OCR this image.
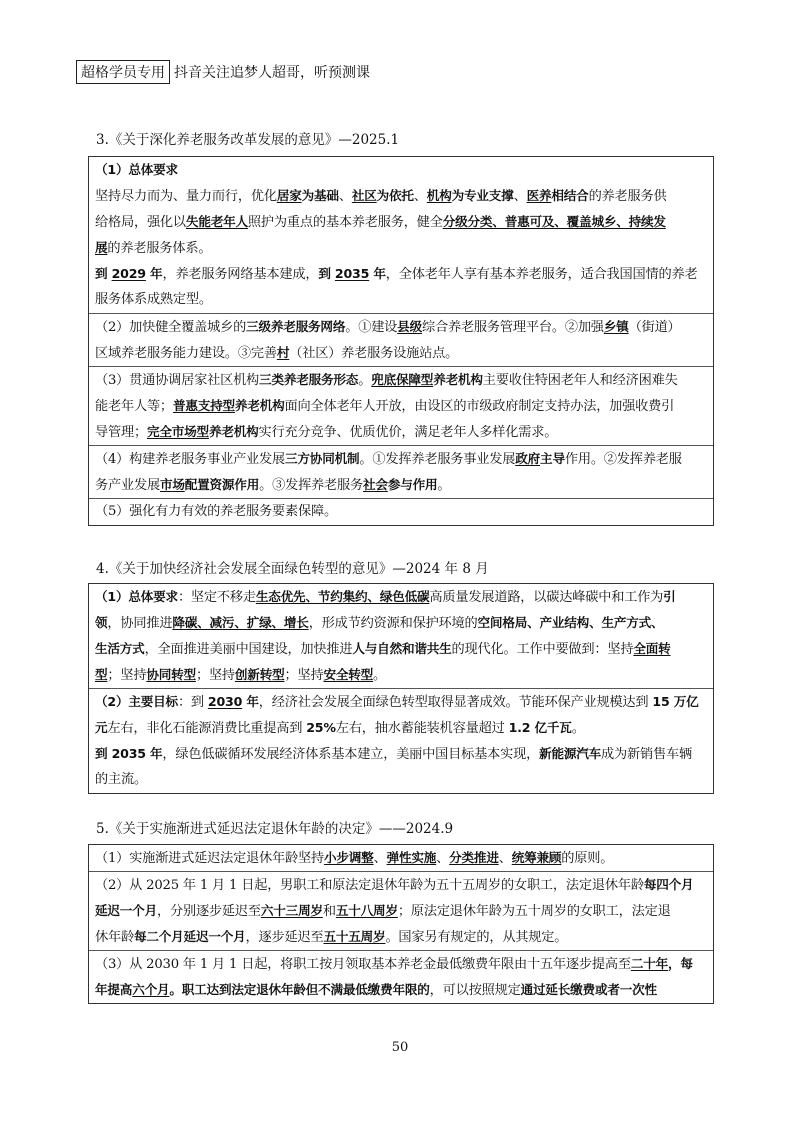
超格学员专用 抖音关注追梦人超哥，听预测课
3.《关于深化养老服务改革发展的意见》—2025.1
（1）总体要求
坚持尽力而为、量力而行，优化居家为基础、社区为依托、机构为专业支撑、医养相结合的养老服务供
给格局，强化以失能老年人照护为重点的基本养老服务，健全分级分类、普惠可及、覆盖城乡、持续发
展的养老服务体系。
到 2029 年，养老服务网络基本建成，到 2035 年，全体老年人享有基本养老服务，适合我国国情的养老
服务体系成熟定型。
（2）加快健全覆盖城乡的三级养老服务网络。①建设县级综合养老服务管理平台。②加强乡镇（街道）
区域养老服务能力建设。③完善村（社区）养老服务设施站点。
（3）贯通协调居家社区机构三类养老服务形态。兜底保障型养老机构主要收住特困老年人和经济困难失
能老年人等；普惠支持型养老机构面向全体老年人开放，由设区的市级政府制定支持办法，加强收费引
导管理；完全市场型养老机构实行充分竞争、优质优价，满足老年人多样化需求。
（4）构建养老服务事业产业发展三方协同机制。①发挥养老服务事业发展政府主导作用。②发挥养老服
务产业发展市场配置资源作用。③发挥养老服务社会参与作用。
（5）强化有力有效的养老服务要素保障。
4.《关于加快经济社会发展全面绿色转型的意见》—2024 年 8 月
（1）总体要求：坚定不移走生态优先、节约集约、绿色低碳高质量发展道路，以碳达峰碳中和工作为引
领，协同推进降碳、减污、扩绿、增长，形成节约资源和保护环境的空间格局、产业结构、生产方式、
生活方式，全面推进美丽中国建设，加快推进人与自然和谐共生的现代化。工作中要做到：坚持全面转
型；坚持协同转型；坚持创新转型；坚持安全转型。
（2）主要目标：到 2030 年，经济社会发展全面绿色转型取得显著成效。节能环保产业规模达到 15 万亿
元左右，非化石能源消费比重提高到 25%左右，抽水蓄能装机容量超过 1.2 亿千瓦。
到 2035 年，绿色低碳循环发展经济体系基本建立，美丽中国目标基本实现，新能源汽车成为新销售车辆
的主流。
5.《关于实施渐进式延迟法定退休年龄的决定》——2024.9
（1）实施渐进式延迟法定退休年龄坚持小步调整、弹性实施、分类推进、统筹兼顾的原则。
（2）从 2025 年 1 月 1 日起，男职工和原法定退休年龄为五十五周岁的女职工，法定退休年龄每四个月
延迟一个月，分别逐步延迟至六十三周岁和五十八周岁；原法定退休年龄为五十周岁的女职工，法定退
休年龄每二个月延迟一个月，逐步延迟至五十五周岁。国家另有规定的，从其规定。
（3）从 2030 年 1 月 1 日起，将职工按月领取基本养老金最低缴费年限由十五年逐步提高至二十年，每
年提高六个月。职工达到法定退休年龄但不满最低缴费年限的，可以按照规定通过延长缴费或者一次性
50
